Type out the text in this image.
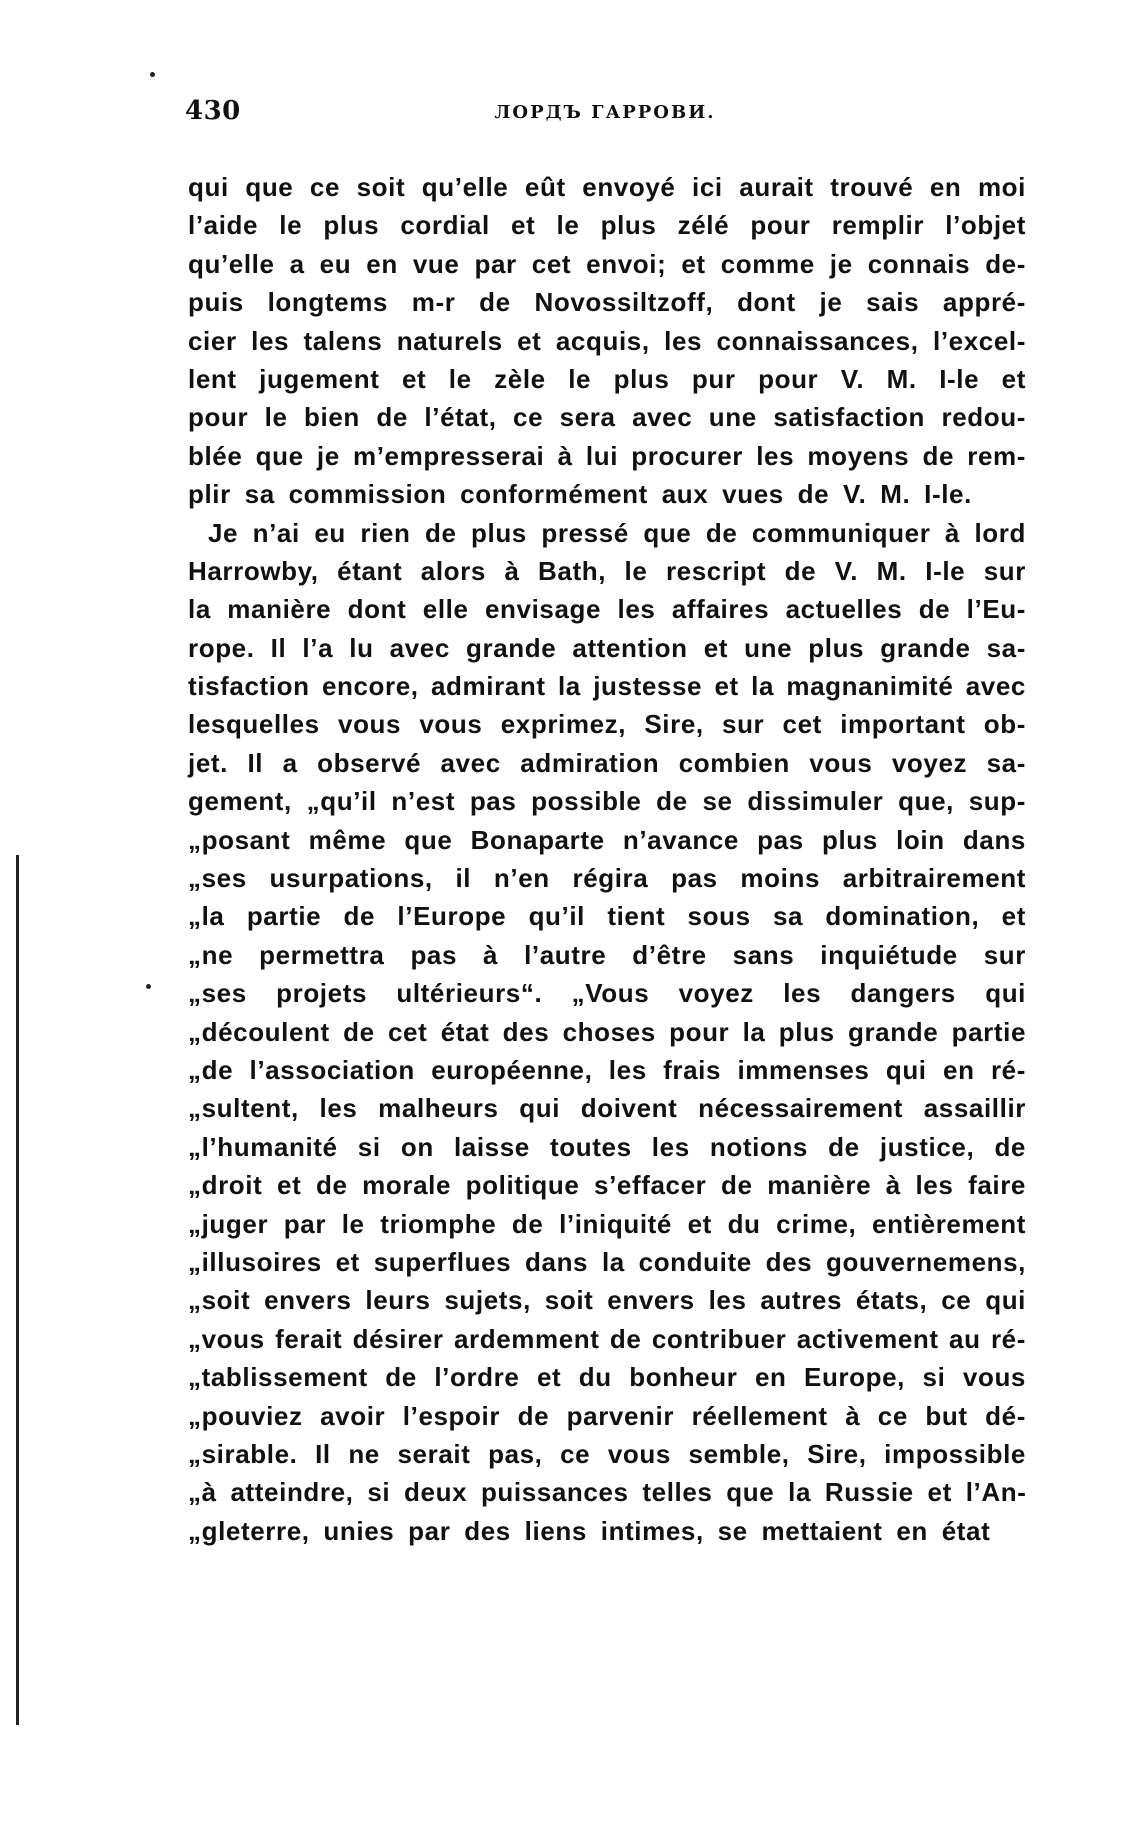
430	ЛОРДЪ ГАРРОВИ.
qui que ce soit qu’elle eût envoyé ici aurait trouvé en moi
l’aide le plus cordial et le plus zélé pour remplir l’objet
qu’elle a eu en vue par cet envoi; et comme je connais de-
puis longtems m-r de Novossiltzoff, dont je sais appré-
cier les talens naturels et acquis, les connaissances, l’excel-
lent jugement et le zèle le plus pur pour V. M. I-le et
pour le bien de l’état, ce sera avec une satisfaction redou-
blée que je m’empresserai à lui procurer les moyens de rem-
plir sa commission conformément aux vues de V. M. I-le.
Je n’ai eu rien de plus pressé que de communiquer à lord
Harrowby, étant alors à Bath, le rescript de V. M. I-le sur
la manière dont elle envisage les affaires actuelles de l’Eu-
rope. Il l’a lu avec grande attention et une plus grande sa-
tisfaction encore, admirant la justesse et la magnanimité avec
lesquelles vous vous exprimez, Sire, sur cet important ob-
jet. Il a observé avec admiration combien vous voyez sa-
gement, „qu’il n’est pas possible de se dissimuler que, sup-
„posant même que Bonaparte n’avance pas plus loin dans
„ses usurpations, il n’en régira pas moins arbitrairement
„la partie de l’Europe qu’il tient sous sa domination, et
„ne permettra pas à l’autre d’être sans inquiétude sur
„ses projets ultérieurs“. „Vous voyez les dangers qui
„découlent de cet état des choses pour la plus grande partie
„de l’association européenne, les frais immenses qui en ré-
„sultent, les malheurs qui doivent nécessairement assaillir
„l’humanité si on laisse toutes les notions de justice, de
„droit et de morale politique s’effacer de manière à les faire
„juger par le triomphe de l’iniquité et du crime, entièrement
„illusoires et superflues dans la conduite des gouvernemens,
„soit envers leurs sujets, soit envers les autres états, ce qui
„vous ferait désirer ardemment de contribuer activement au ré-
„tablissement de l’ordre et du bonheur en Europe, si vous
„pouviez avoir l’espoir de parvenir réellement à ce but dé-
„sirable. Il ne serait pas, ce vous semble, Sire, impossible
„à atteindre, si deux puissances telles que la Russie et l’An-
„gleterre, unies par des liens intimes, se mettaient en état
